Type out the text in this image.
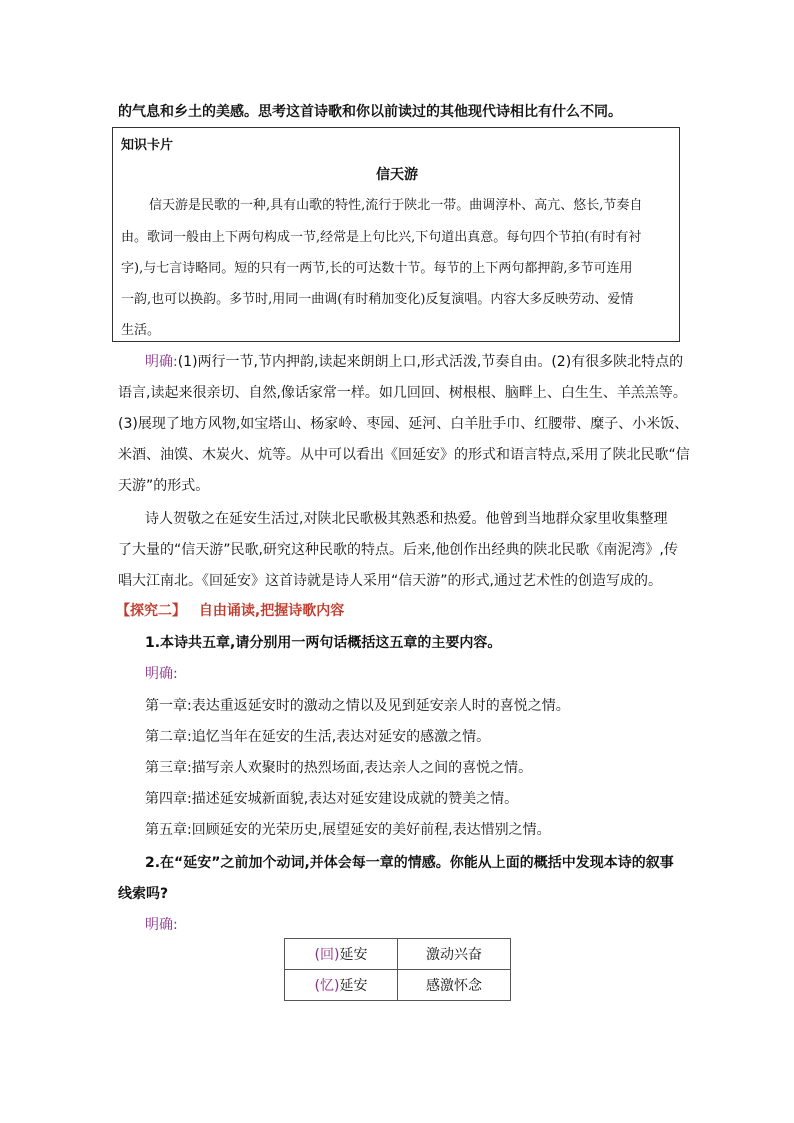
的气息和乡土的美感。思考这首诗歌和你以前读过的其他现代诗相比有什么不同。
知识卡片
信天游
信天游是民歌的一种,具有山歌的特性,流行于陕北一带。曲调淳朴、高亢、悠长,节奏自
由。歌词一般由上下两句构成一节,经常是上句比兴,下句道出真意。每句四个节拍(有时有衬
字),与七言诗略同。短的只有一两节,长的可达数十节。每节的上下两句都押韵,多节可连用
一韵,也可以换韵。多节时,用同一曲调(有时稍加变化)反复演唱。内容大多反映劳动、爱情
生活。
明确:(1)两行一节,节内押韵,读起来朗朗上口,形式活泼,节奏自由。(2)有很多陕北特点的
语言,读起来很亲切、自然,像话家常一样。如几回回、树根根、脑畔上、白生生、羊羔羔等。
(3)展现了地方风物,如宝塔山、杨家岭、枣园、延河、白羊肚手巾、红腰带、糜子、小米饭、
米酒、油馍、木炭火、炕等。从中可以看出《回延安》的形式和语言特点,采用了陕北民歌“信
天游”的形式。
诗人贺敬之在延安生活过,对陕北民歌极其熟悉和热爱。他曾到当地群众家里收集整理
了大量的“信天游”民歌,研究这种民歌的特点。后来,他创作出经典的陕北民歌《南泥湾》,传
唱大江南北。《回延安》这首诗就是诗人采用“信天游”的形式,通过艺术性的创造写成的。
【探究二】 自由诵读,把握诗歌内容
1.本诗共五章,请分别用一两句话概括这五章的主要内容。
明确:
第一章:表达重返延安时的激动之情以及见到延安亲人时的喜悦之情。
第二章:追忆当年在延安的生活,表达对延安的感激之情。
第三章:描写亲人欢聚时的热烈场面,表达亲人之间的喜悦之情。
第四章:描述延安城新面貌,表达对延安建设成就的赞美之情。
第五章:回顾延安的光荣历史,展望延安的美好前程,表达惜别之情。
2.在“延安”之前加个动词,并体会每一章的情感。你能从上面的概括中发现本诗的叙事
线索吗?
明确:
(回)延安	激动兴奋
(忆)延安	感激怀念
